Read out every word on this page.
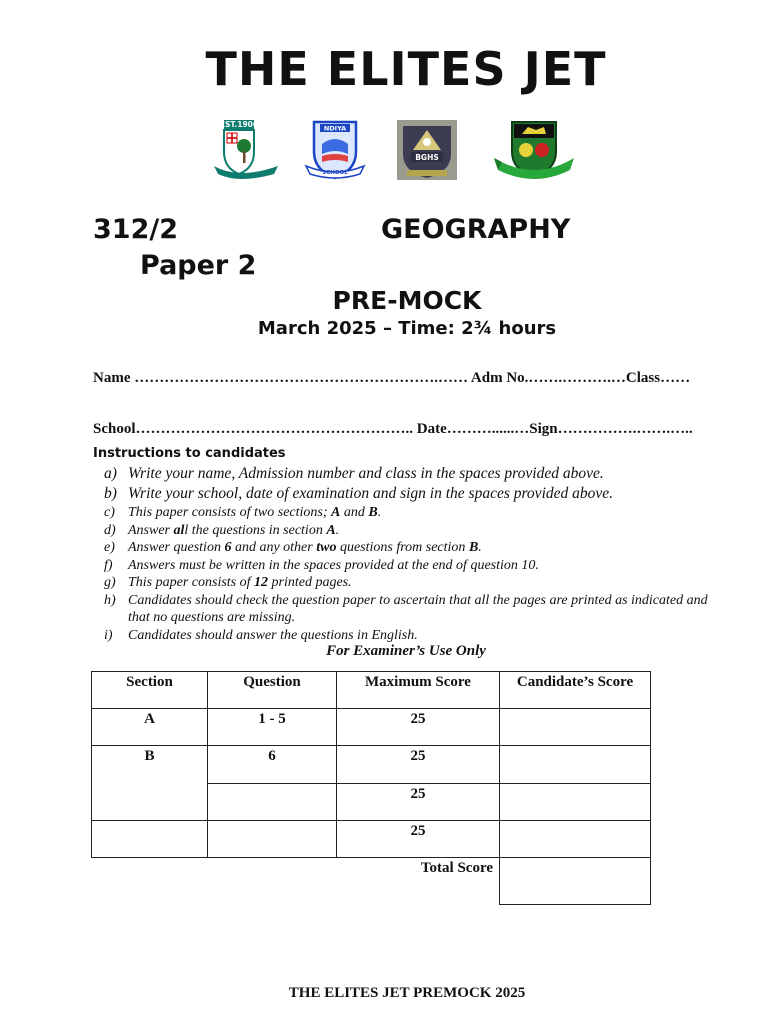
THE ELITES JET
EST.1906	NDIYA
SCHOOL
BGHS
312/2	GEOGRAPHY
Paper 2
PRE-MOCK
March 2025 – Time: 2¾ hours
Name …………………………………………………….…… Adm No.…….……….…Class……
School……………………………………………….. Date………......…Sign…………….…….…..
Instructions to candidates
a) Write your name, Admission number and class in the spaces provided above.
b) Write your school, date of examination and sign in the spaces provided above.
c) This paper consists of two sections; A and B.
d) Answer all the questions in section A.
e) Answer question 6 and any other two questions from section B.
f)	Answers must be written in the spaces provided at the end of question 10.
g) This paper consists of 12 printed pages.
h) Candidates should check the question paper to ascertain that all the pages are printed as indicated and that no questions are missing.
i)	Candidates should answer the questions in English.
For Examiner’s Use Only
Section	Question	Maximum Score	Candidate’s Score
A	1 - 5	25	
B	6	25	
		25	
		25	
Total Score			
THE ELITES JET PREMOCK 2025
